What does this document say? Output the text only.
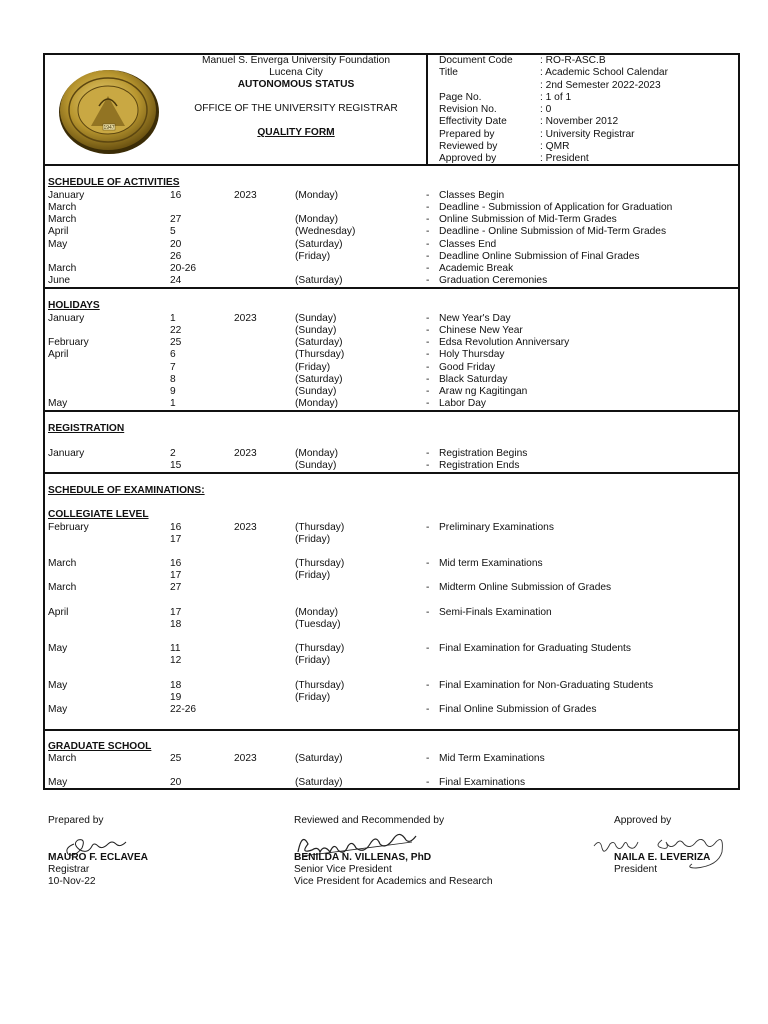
1947
Manuel S. Enverga University Foundation
Lucena City
AUTONOMOUS STATUS
OFFICE OF THE UNIVERSITY REGISTRAR
QUALITY FORM
Document Code	: RO-R-ASC.B
Title	: Academic School Calendar
: 2nd Semester 2022-2023
Page No.	: 1 of 1
Revision No.	: 0
Effectivity Date	: November 2012
Prepared by	: University Registrar
Reviewed by	: QMR
Approved by	: President
SCHEDULE OF ACTIVITIES
January	16	2023	(Monday)	- Classes Begin
March	- Deadline - Submission of Application for Graduation
March	27	(Monday)	- Online Submission of Mid-Term Grades
April	5	(Wednesday)	- Deadline - Online Submission of Mid-Term Grades
May	20	(Saturday)	- Classes End
26	(Friday)	- Deadline Online Submission of Final Grades
March	20-26	- Academic Break
June	24	(Saturday)	- Graduation Ceremonies
HOLIDAYS
January	1	2023	(Sunday)	- New Year's Day
22	(Sunday)	- Chinese New Year
February	25	(Saturday)	- Edsa Revolution Anniversary
April	6	(Thursday)	- Holy Thursday
7	(Friday)	- Good Friday
8	(Saturday)	- Black Saturday
9	(Sunday)	- Araw ng Kagitingan
May	1	(Monday)	- Labor Day
REGISTRATION
January	2	2023	(Monday)	- Registration Begins
15	(Sunday)	- Registration Ends
SCHEDULE OF EXAMINATIONS:
COLLEGIATE LEVEL
February	16	2023	(Thursday)	- Preliminary Examinations
17	(Friday)
March	16	(Thursday)	- Mid term Examinations
17	(Friday)
March	27	- Midterm Online Submission of Grades
April	17	(Monday)	- Semi-Finals Examination
18	(Tuesday)
May	11	(Thursday)	- Final Examination for Graduating Students
12	(Friday)
May	18	(Thursday)	- Final Examination for Non-Graduating Students
19	(Friday)
May	22-26	- Final Online Submission of Grades
GRADUATE SCHOOL
March	25	2023	(Saturday)	- Mid Term Examinations
May	20	(Saturday)	- Final Examinations
Prepared by
MAURO F. ECLAVEA
Registrar
10-Nov-22
Reviewed and Recommended by
BENILDA N. VILLENAS, PhD
Senior Vice President
Vice President for Academics and Research
Approved by
NAILA E. LEVERIZA
President
